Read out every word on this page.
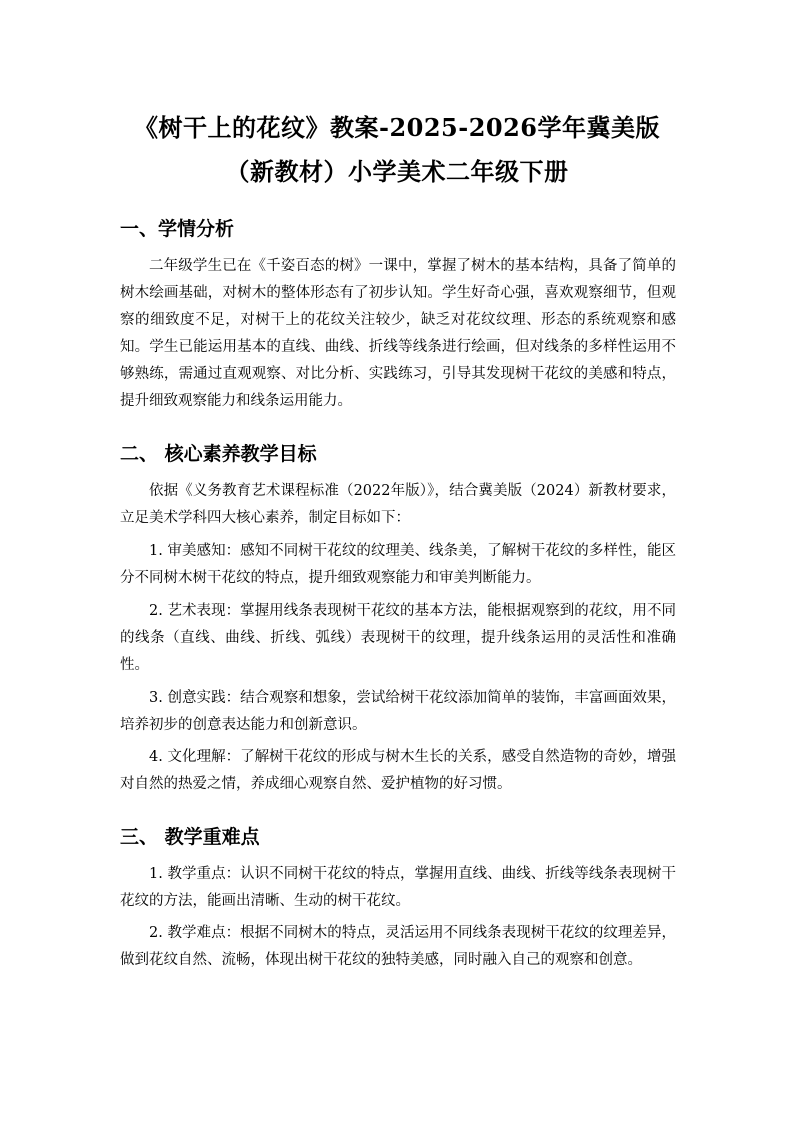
《树干上的花纹》教案-2025-2026学年冀美版（新教材）小学美术二年级下册
一、学情分析
二年级学生已在《千姿百态的树》一课中，掌握了树木的基本结构，具备了简单的树木绘画基础，对树木的整体形态有了初步认知。学生好奇心强，喜欢观察细节，但观察的细致度不足，对树干上的花纹关注较少，缺乏对花纹纹理、形态的系统观察和感知。学生已能运用基本的直线、曲线、折线等线条进行绘画，但对线条的多样性运用不够熟练，需通过直观观察、对比分析、实践练习，引导其发现树干花纹的美感和特点，提升细致观察能力和线条运用能力。
二、 核心素养教学目标
依据《义务教育艺术课程标准（2022年版）》，结合冀美版（2024）新教材要求，立足美术学科四大核心素养，制定目标如下：
1. 审美感知：感知不同树干花纹的纹理美、线条美，了解树干花纹的多样性，能区分不同树木树干花纹的特点，提升细致观察能力和审美判断能力。
2. 艺术表现：掌握用线条表现树干花纹的基本方法，能根据观察到的花纹，用不同的线条（直线、曲线、折线、弧线）表现树干的纹理，提升线条运用的灵活性和准确性。
3. 创意实践：结合观察和想象，尝试给树干花纹添加简单的装饰，丰富画面效果，培养初步的创意表达能力和创新意识。
4. 文化理解：了解树干花纹的形成与树木生长的关系，感受自然造物的奇妙，增强对自然的热爱之情，养成细心观察自然、爱护植物的好习惯。
三、 教学重难点
1. 教学重点：认识不同树干花纹的特点，掌握用直线、曲线、折线等线条表现树干花纹的方法，能画出清晰、生动的树干花纹。
2. 教学难点：根据不同树木的特点，灵活运用不同线条表现树干花纹的纹理差异，做到花纹自然、流畅，体现出树干花纹的独特美感，同时融入自己的观察和创意。
